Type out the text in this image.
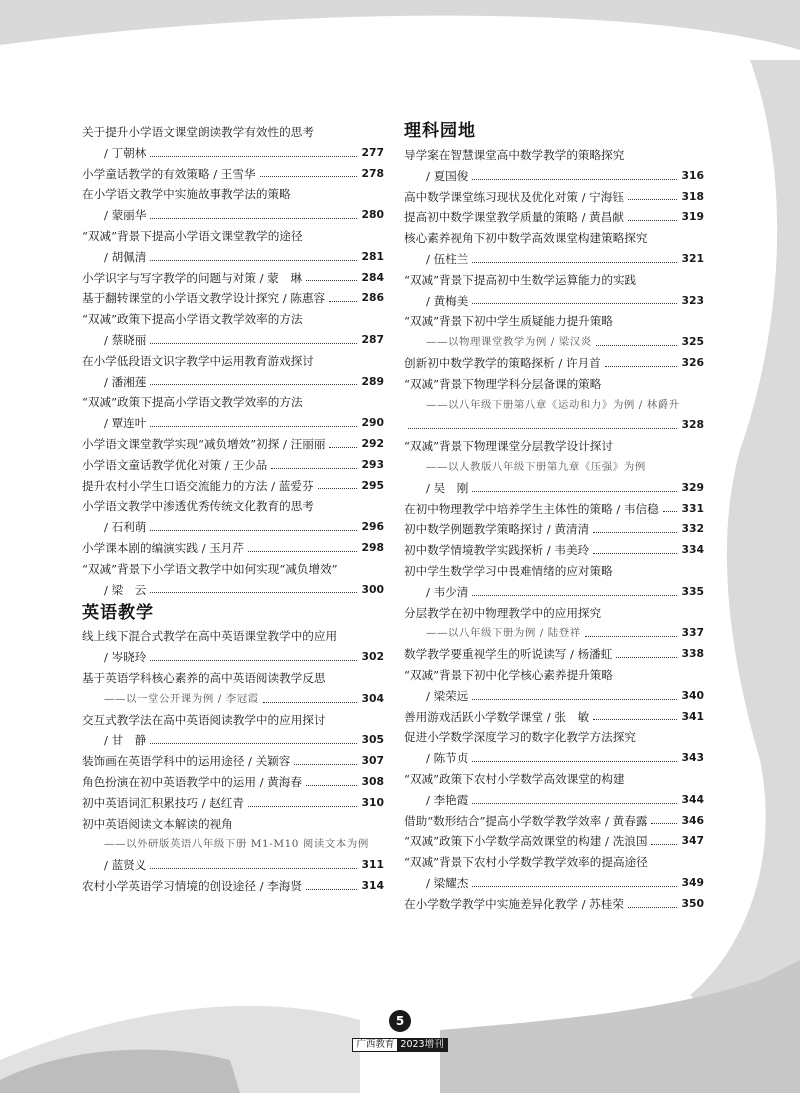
关于提升小学语文课堂朗读教学有效性的思考
/ 丁朝林	277
小学童话教学的有效策略 / 王雪华	278
在小学语文教学中实施故事教学法的策略
/ 蒙丽华	280
“双减”背景下提高小学语文课堂教学的途径
/ 胡佩清	281
小学识字与写字教学的问题与对策 / 蒙　琳	284
基于翻转课堂的小学语文教学设计探究 / 陈惠容	286
“双减”政策下提高小学语文教学效率的方法
/ 蔡晓丽	287
在小学低段语文识字教学中运用教育游戏探讨
/ 潘湘莲	289
“双减”政策下提高小学语文教学效率的方法
/ 覃连叶	290
小学语文课堂教学实现“减负增效”初探 / 汪丽丽	292
小学语文童话教学优化对策 / 王少品	293
提升农村小学生口语交流能力的方法 / 蓝爱芬	295
小学语文教学中渗透优秀传统文化教育的思考
/ 石利萌	296
小学课本剧的编演实践 / 玉月芹	298
“双减”背景下小学语文教学中如何实现“减负增效”
/ 梁　云	300
英语教学
线上线下混合式教学在高中英语课堂教学中的应用
/ 岑晓玲	302
基于英语学科核心素养的高中英语阅读教学反思
——以一堂公开课为例 / 李冠霞	304
交互式教学法在高中英语阅读教学中的应用探讨
/ 甘　静	305
装饰画在英语学科中的运用途径 / 关颖容	307
角色扮演在初中英语教学中的运用 / 黄海春	308
初中英语词汇积累技巧 / 赵红青	310
初中英语阅读文本解读的视角
——以外研版英语八年级下册 M1-M10 阅读文本为例
/ 蓝贤义	311
农村小学英语学习情境的创设途径 / 李海贤	314
理科园地
导学案在智慧课堂高中数学教学的策略探究
/ 夏国俊	316
高中数学课堂练习现状及优化对策 / 宁海钰	318
提高初中数学课堂教学质量的策略 / 黄昌献	319
核心素养视角下初中数学高效课堂构建策略探究
/ 伍柱兰	321
“双减”背景下提高初中生数学运算能力的实践
/ 黄梅美	323
“双减”背景下初中学生质疑能力提升策略
——以物理课堂教学为例 / 梁汉炎	325
创新初中数学教学的策略探析 / 许月首	326
“双减”背景下物理学科分层备课的策略
——以八年级下册第八章《运动和力》为例 / 林爵升
328
“双减”背景下物理课堂分层教学设计探讨
——以人教版八年级下册第九章《压强》为例
/ 吴　刚	329
在初中物理教学中培养学生主体性的策略 / 韦信稳 331
初中数学例题教学策略探讨 / 黄清清	332
初中数学情境教学实践探析 / 韦美玲	334
初中学生数学学习中畏难情绪的应对策略
/ 韦少清	335
分层教学在初中物理教学中的应用探究
——以八年级下册为例 / 陆登祥	337
数学教学要重视学生的听说读写 / 杨潘虹	338
“双减”背景下初中化学核心素养提升策略
/ 梁荣远	340
善用游戏活跃小学数学课堂 / 张　敏	341
促进小学数学深度学习的数字化教学方法探究
/ 陈节贞	343
“双减”政策下农村小学数学高效课堂的构建
/ 李艳霞	344
借助“数形结合”提高小学数学教学效率 / 黄春露	346
“双减”政策下小学数学高效课堂的构建 / 冼浪国	347
“双减”背景下农村小学数学教学效率的提高途径
/ 梁耀杰	349
在小学数学教学中实施差异化教学 / 苏桂荣	350
5
广西教育 2023增刊
